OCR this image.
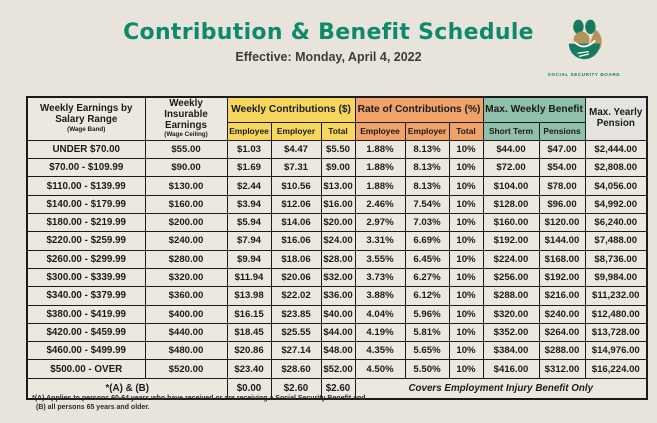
Contribution & Benefit Schedule
Effective: Monday, April 4, 2022
SOCIAL SECURITY BOARD
Weekly Earnings by Salary Range
(Wage Band)

Weekly Insurable Earnings
(Wage Ceiling)
	Weekly Contributions ($)	Rate of Contributions (%)	Max. Weekly Benefit	Max. Yearly Pension

		Employee	Employer	Total	Employee	Employer	Total	Short Term	Pensions	
UNDER $70.00	$55.00	$1.03	$4.47	$5.50	1.88%	8.13%	10%	$44.00	$47.00	$2,444.00
$70.00 - $109.99	$90.00	$1.69	$7.31	$9.00	1.88%	8.13%	10%	$72.00	$54.00	$2,808.00
$110.00 - $139.99	$130.00	$2.44	$10.56	$13.00	1.88%	8.13%	10%	$104.00	$78.00	$4,056.00
$140.00 - $179.99	$160.00	$3.94	$12.06	$16.00	2.46%	7.54%	10%	$128.00	$96.00	$4,992.00
$180.00 - $219.99	$200.00	$5.94	$14.06	$20.00	2.97%	7.03%	10%	$160.00	$120.00	$6,240.00
$220.00 - $259.99	$240.00	$7.94	$16.06	$24.00	3.31%	6.69%	10%	$192.00	$144.00	$7,488.00
$260.00 - $299.99	$280.00	$9.94	$18.06	$28.00	3.55%	6.45%	10%	$224.00	$168.00	$8,736.00
$300.00 - $339.99	$320.00	$11.94	$20.06	$32.00	3.73%	6.27%	10%	$256.00	$192.00	$9,984.00
$340.00 - $379.99	$360.00	$13.98	$22.02	$36.00	3.88%	6.12%	10%	$288.00	$216.00	$11,232.00
$380.00 - $419.99	$400.00	$16.15	$23.85	$40.00	4.04%	5.96%	10%	$320.00	$240.00	$12,480.00
$420.00 - $459.99	$440.00	$18.45	$25.55	$44.00	4.19%	5.81%	10%	$352.00	$264.00	$13,728.00
$460.00 - $499.99	$480.00	$20.86	$27.14	$48.00	4.35%	5.65%	10%	$384.00	$288.00	$14,976.00
$500.00 - OVER	$520.00	$23.40	$28.60	$52.00	4.50%	5.50%	10%	$416.00	$312.00	$16,224.00
*(A) & (B)		$0.00	$2.60	$2.60	Covers Employment Injury Benefit Only					
*(A) Applies to persons 60-64 years who have received or are receiving a Social Security Benefit and
(B) all persons 65 years and older.
